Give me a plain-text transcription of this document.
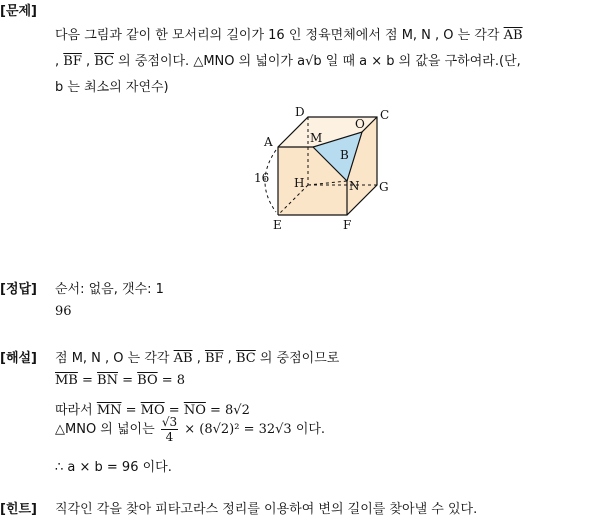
[문제]
다음 그림과 같이 한 모서리의 길이가 16 인 정육면체에서 점 M, N , O 는 각각 $\overline{AB}$
, $\overline{BF}$ , $\overline{BC}$ 의 중점이다. △MNO 의 넓이가 a√b 일 때 a × b 의 값을 구하여라.(단,
b 는 최소의 자연수)
A
B
C
D
E	F
G
H
M
N
O
16
[정답] 순서: 없음, 갯수: 1
96
[해설] 점 M, N , O 는 각각 $\overline{AB}$ , $\overline{BF}$ , $\overline{BC}$ 의 중점이므로
$\overline{MB} = \overline{BN} = \overline{BO} = 8$
따라서 $\overline{MN} = \overline{MO} = \overline{NO} = 8√2$
△MNO 의 넓이는 $\frac{√3}{4} \times (8√2)^2 = 32√3$ 이다.
∴ a × b = 96 이다.
[힌트] 직각인 각을 찾아 피타고라스 정리를 이용하여 변의 길이를 찾아낼 수 있다.
